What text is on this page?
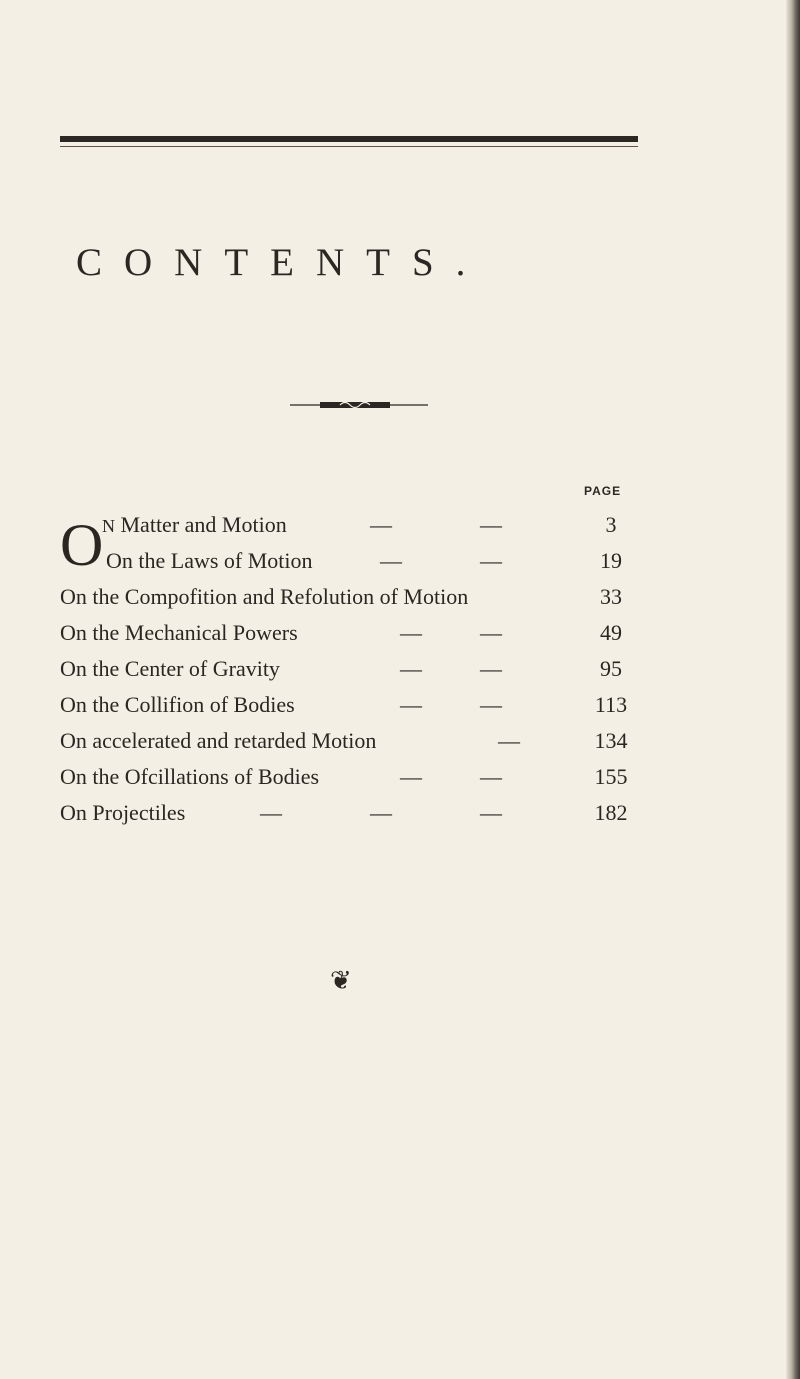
CONTENTS.
PAGE
O
N Matter and Motion	—	—	3
On the Laws of Motion	—	—	19
On the Compofition and Refolution of Motion	33
On the Mechanical Powers	—	—	49
On the Center of Gravity	—	—	95
On the Collifion of Bodies	—	—	113
On accelerated and retarded Motion	—	134
On the Ofcillations of Bodies	—	—	155
On Projectiles	—	—	—	182
❦
